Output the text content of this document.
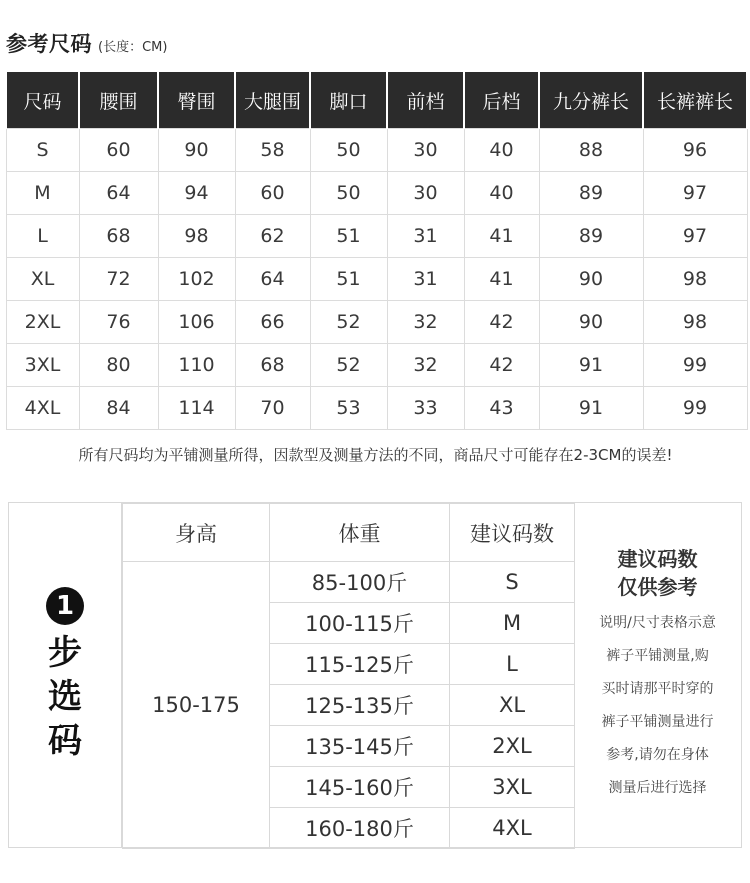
参考尺码 (长度：CM)
尺码	腰围	臀围	大腿围	脚口	前档	后档	九分裤长	长裤裤长
S	60	90	58	50	30	40	88	96
M	64	94	60	50	30	40	89	97
L	68	98	62	51	31	41	89	97
XL	72	102	64	51	31	41	90	98
2XL	76	106	66	52	32	42	90	98
3XL	80	110	68	52	32	42	91	99
4XL	84	114	70	53	33	43	91	99
所有尺码均为平铺测量所得，因款型及测量方法的不同，商品尺寸可能存在2-3CM的误差!
1
步
选
码
身高	体重	建议码数
150-175	85-100斤	S
	100-115斤	M
	115-125斤	L
	125-135斤	XL
	135-145斤	2XL
	145-160斤	3XL
	160-180斤	4XL
建议码数
仅供参考
说明/尺寸表格示意
裤子平铺测量,购
买时请那平时穿的
裤子平铺测量进行
参考,请勿在身体
测量后进行选择
